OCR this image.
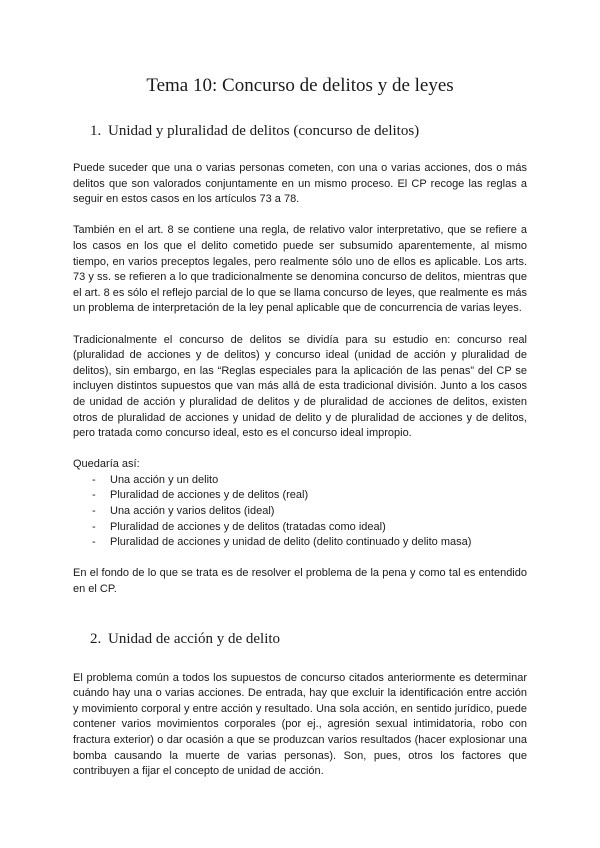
Tema 10: Concurso de delitos y de leyes
1. Unidad y pluralidad de delitos (concurso de delitos)

Puede suceder que una o varias personas cometen, con una o varias acciones, dos o más delitos que son valorados conjuntamente en un mismo proceso. El CP recoge las reglas a seguir en estos casos en los artículos 73 a 78.

También en el art. 8 se contiene una regla, de relativo valor interpretativo, que se refiere a los casos en los que el delito cometido puede ser subsumido aparentemente, al mismo tiempo, en varios preceptos legales, pero realmente sólo uno de ellos es aplicable. Los arts. 73 y ss. se refieren a lo que tradicionalmente se denomina concurso de delitos, mientras que el art. 8 es sólo el reflejo parcial de lo que se llama concurso de leyes, que realmente es más un problema de interpretación de la ley penal aplicable que de concurrencia de varias leyes.

Tradicionalmente el concurso de delitos se dividía para su estudio en: concurso real (pluralidad de acciones y de delitos) y concurso ideal (unidad de acción y pluralidad de delitos), sin embargo, en las “Reglas especiales para la aplicación de las penas” del CP se incluyen distintos supuestos que van más allá de esta tradicional división. Junto a los casos de unidad de acción y pluralidad de delitos y de pluralidad de acciones de delitos, existen otros de pluralidad de acciones y unidad de delito y de pluralidad de acciones y de delitos, pero tratada como concurso ideal, esto es el concurso ideal impropio.

Quedaría así:

- Una acción y un delito
- Pluralidad de acciones y de delitos (real)
- Una acción y varios delitos (ideal)
- Pluralidad de acciones y de delitos (tratadas como ideal)
- Pluralidad de acciones y unidad de delito (delito continuado y delito masa)

En el fondo de lo que se trata es de resolver el problema de la pena y como tal es entendido en el CP.

2. Unidad de acción y de delito

El problema común a todos los supuestos de concurso citados anteriormente es determinar cuándo hay una o varias acciones. De entrada, hay que excluir la identificación entre acción y movimiento corporal y entre acción y resultado. Una sola acción, en sentido jurídico, puede contener varios movimientos corporales (por ej., agresión sexual intimidatoria, robo con fractura exterior) o dar ocasión a que se produzcan varios resultados (hacer explosionar una bomba causando la muerte de varias personas). Son, pues, otros los factores que contribuyen a fijar el concepto de unidad de acción.
